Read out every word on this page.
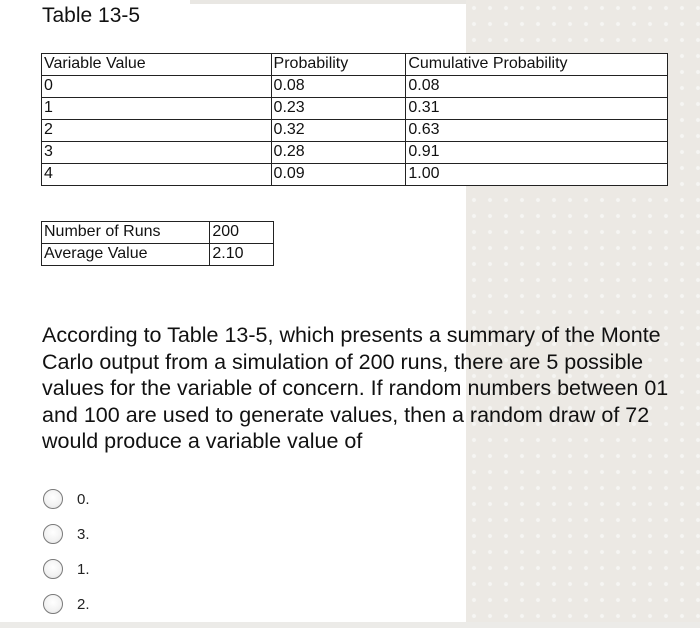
Table 13-5
Variable Value	Probability	Cumulative Probability
0	0.08	0.08
1	0.23	0.31
2	0.32	0.63
3	0.28	0.91
4	0.09	1.00
Number of Runs	200
Average Value	2.10
According to Table 13-5, which presents a summary of the Monte Carlo output from a simulation of 200 runs, there are 5 possible values for the variable of concern. If random numbers between 01 and 100 are used to generate values, then a random draw of 72 would produce a variable value of
0.
3.
1.
2.
